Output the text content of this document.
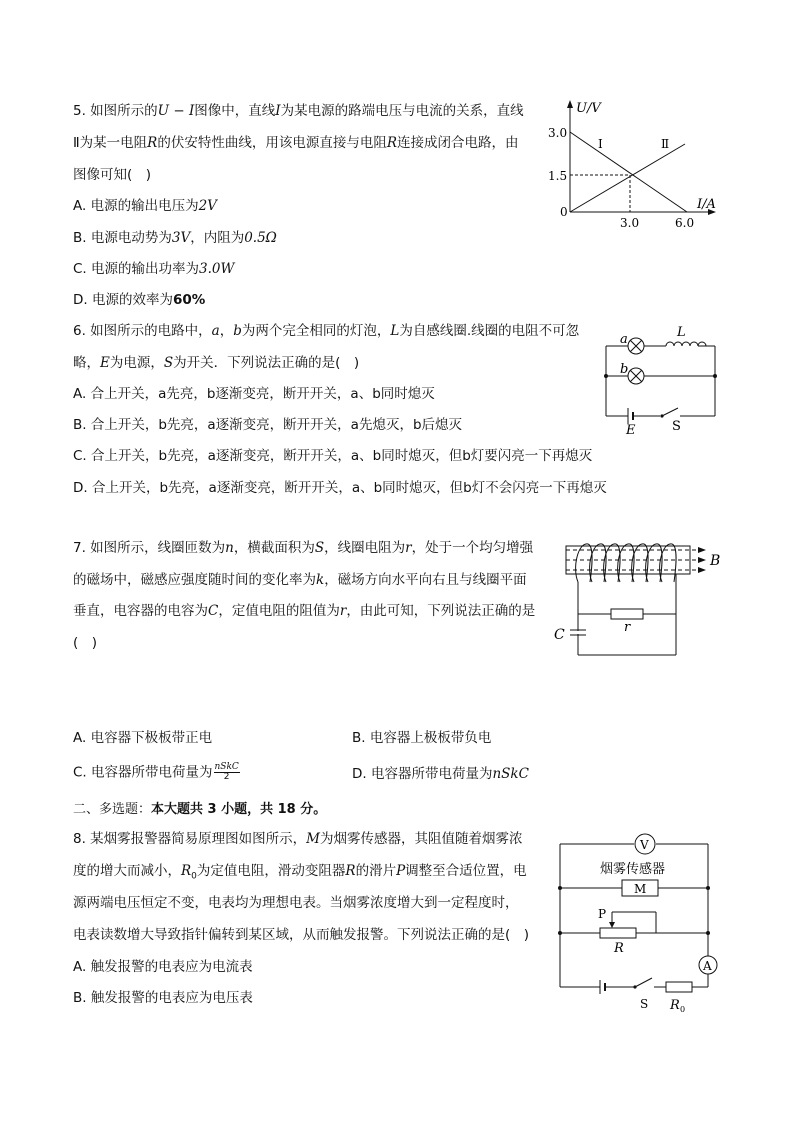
5. 如图所示的U − I图像中，直线I为某电源的路端电压与电流的关系，直线
Ⅱ为某一电阻R的伏安特性曲线，用该电源直接与电阻R连接成闭合电路，由
图像可知(　)
A. 电源的输出电压为2V
B. 电源电动势为3V，内阻为0.5Ω
C. 电源的输出功率为3.0W
D. 电源的效率为60%
U/V
I/A
3.0
1.5
0
3.0	6.0
I	Ⅱ
6. 如图所示的电路中，a，b为两个完全相同的灯泡，L为自感线圈.线圈的电阻不可忽
略，E为电源，S为开关．下列说法正确的是(　)
A. 合上开关，a先亮，b逐渐变亮，断开开关，a、b同时熄灭
B. 合上开关，b先亮，a逐渐变亮，断开开关，a先熄灭，b后熄灭
C. 合上开关，b先亮，a逐渐变亮，断开开关，a、b同时熄灭，但b灯要闪亮一下再熄灭
D. 合上开关，b先亮，a逐渐变亮，断开开关，a、b同时熄灭，但b灯不会闪亮一下再熄灭
a
b
L
E	S
7. 如图所示，线圈匝数为n，横截面积为S，线圈电阻为r，处于一个均匀增强
的磁场中，磁感应强度随时间的变化率为k，磁场方向水平向右且与线圈平面
垂直，电容器的电容为C，定值电阻的阻值为r，由此可知，下列说法正确的是
(　)
A. 电容器下极板带正电	B. 电容器上极板带负电
C. 电容器所带电荷量为 $\frac{\text{nSkC}}{2}$	D. 电容器所带电荷量为nSkC
B
C	r
二、多选题：本大题共 3 小题，共 18 分。
8. 某烟雾报警器简易原理图如图所示，M为烟雾传感器，其阻值随着烟雾浓
度的增大而减小，$R_0$为定值电阻，滑动变阻器R的滑片P调整至合适位置，电
源两端电压恒定不变，电表均为理想电表。当烟雾浓度增大到一定程度时，
电表读数增大导致指针偏转到某区域，从而触发报警。下列说法正确的是(　)
A. 触发报警的电表应为电流表
B. 触发报警的电表应为电压表
V
烟雾传感器
M
P
R
A
S R 0
